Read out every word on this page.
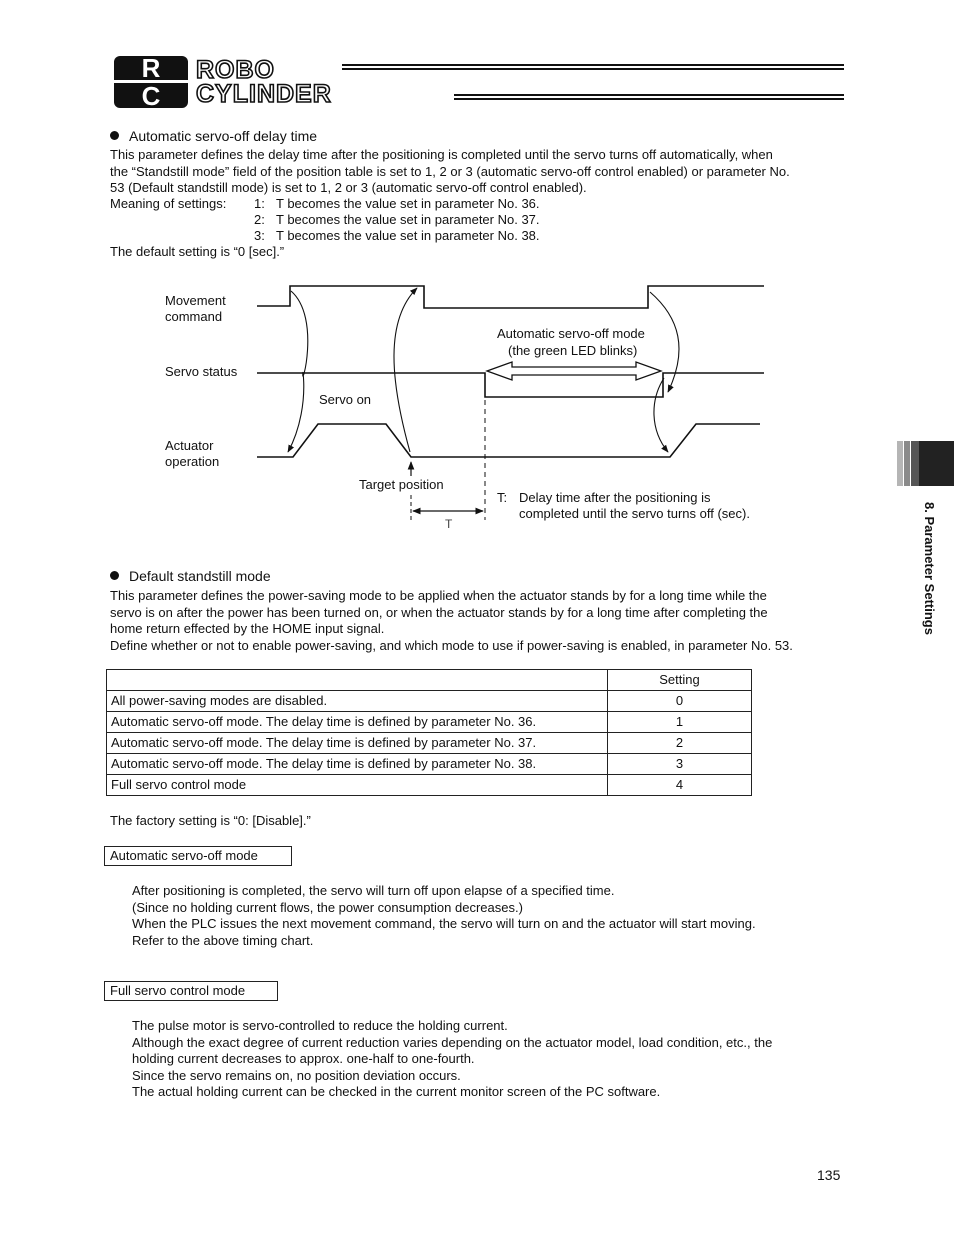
R
C
ROBO
CYLINDER
Automatic servo-off delay time

This parameter defines the delay time after the positioning is completed until the servo turns off automatically, when

the “Standstill mode” field of the position table is set to 1, 2 or 3 (automatic servo-off control enabled) or parameter No.

53 (Default standstill mode) is set to 1, 2 or 3 (automatic servo-off control enabled).

Meaning of settings: 1: T becomes the value set in parameter No. 36.
2: T becomes the value set in parameter No. 37.
3: T becomes the value set in parameter No. 38.
The default setting is “0 [sec].”
Movement
command
Servo status
Actuator
operation
Servo on
Automatic servo-off mode
(the green LED blinks)
Target position
T
T: Delay time after the positioning is
completed until the servo turns off (sec).
Default standstill mode

This parameter defines the power-saving mode to be applied when the actuator stands by for a long time while the

servo is on after the power has been turned on, or when the actuator stands by for a long time after completing the

home return effected by the HOME input signal.

Define whether or not to enable power-saving, and which mode to use if power-saving is enabled, in parameter No. 53.

	Setting
All power-saving modes are disabled.	0
Automatic servo-off mode. The delay time is defined by parameter No. 36.	1
Automatic servo-off mode. The delay time is defined by parameter No. 37.	2
Automatic servo-off mode. The delay time is defined by parameter No. 38.	3
Full servo control mode	4
The factory setting is “0: [Disable].”
Automatic servo-off mode

After positioning is completed, the servo will turn off upon elapse of a specified time.

(Since no holding current flows, the power consumption decreases.)

When the PLC issues the next movement command, the servo will turn on and the actuator will start moving.

Refer to the above timing chart.

Full servo control mode

The pulse motor is servo-controlled to reduce the holding current.

Although the exact degree of current reduction varies depending on the actuator model, load condition, etc., the

holding current decreases to approx. one-half to one-fourth.

Since the servo remains on, no position deviation occurs.

The actual holding current can be checked in the current monitor screen of the PC software.

8. Parameter Settings
135
